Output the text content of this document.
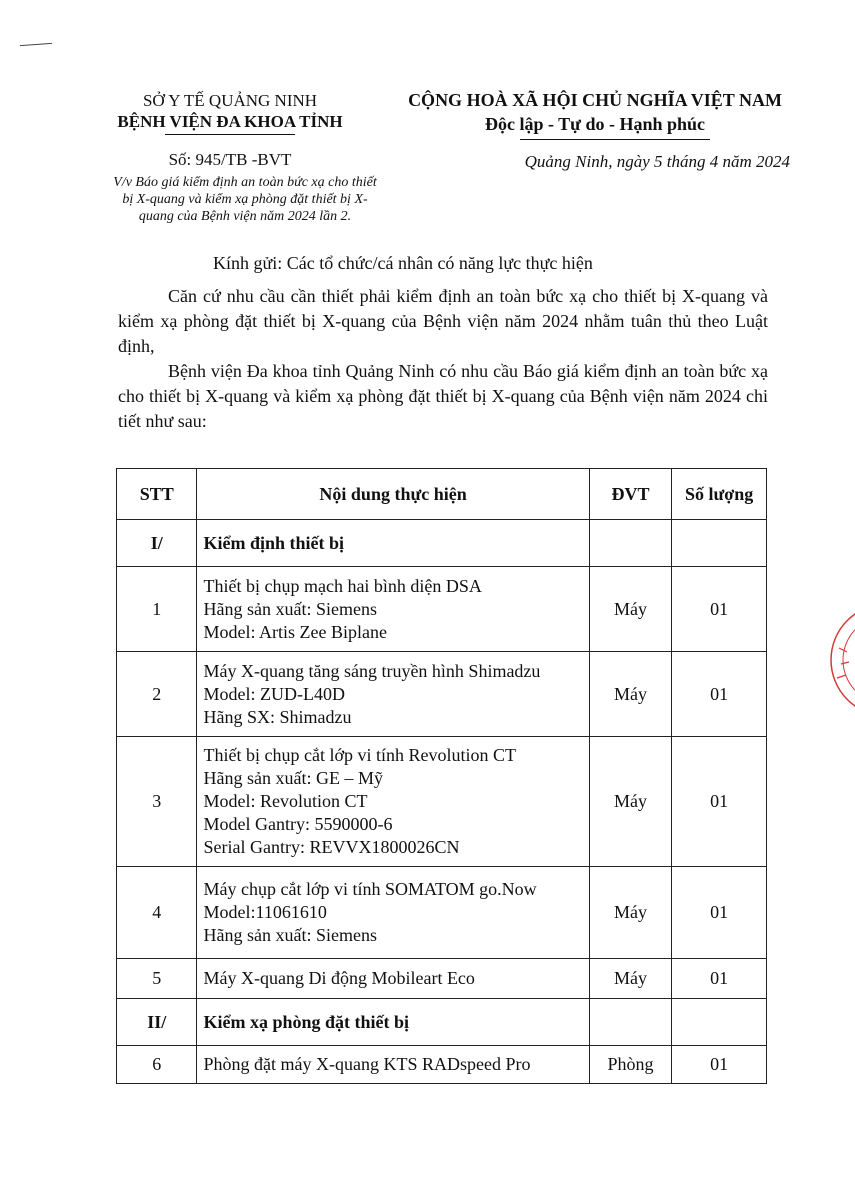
SỞ Y TẾ QUẢNG NINH
BỆNH VIỆN ĐA KHOA TỈNH
CỘNG HOÀ XÃ HỘI CHỦ NGHĨA VIỆT NAM
Độc lập - Tự do - Hạnh phúc
Số: 945/TB -BVT
V/v Báo giá kiểm định an toàn bức xạ cho thiết
bị X-quang và kiểm xạ phòng đặt thiết bị X-
quang của Bệnh viện năm 2024 lần 2.
Quảng Ninh, ngày 5 tháng 4 năm 2024
Kính gửi: Các tổ chức/cá nhân có năng lực thực hiện
Căn cứ nhu cầu cần thiết phải kiểm định an toàn bức xạ cho thiết bị X-quang và kiểm xạ phòng đặt thiết bị X-quang của Bệnh viện năm 2024 nhằm tuân thủ theo Luật định,
Bệnh viện Đa khoa tỉnh Quảng Ninh có nhu cầu Báo giá kiểm định an toàn bức xạ cho thiết bị X-quang và kiểm xạ phòng đặt thiết bị X-quang của Bệnh viện năm 2024 chi tiết như sau:
STT	Nội dung thực hiện	ĐVT	Số lượng
I/	Kiểm định thiết bị		
1	Thiết bị chụp mạch hai bình diện DSA
Hãng sản xuất: Siemens
Model: Artis Zee Biplane	Máy	01
2	Máy X-quang tăng sáng truyền hình Shimadzu
Model: ZUD-L40D
Hãng SX: Shimadzu	Máy	01
3	Thiết bị chụp cắt lớp vi tính Revolution CT
Hãng sản xuất: GE – Mỹ
Model: Revolution CT
Model Gantry: 5590000-6
Serial Gantry: REVVX1800026CN	Máy	01
4	Máy chụp cắt lớp vi tính SOMATOM go.Now
Model:11061610
Hãng sản xuất: Siemens	Máy	01
5	Máy X-quang Di động Mobileart Eco	Máy	01
II/	Kiểm xạ phòng đặt thiết bị		
6	Phòng đặt máy X-quang KTS RADspeed Pro	Phòng	01
